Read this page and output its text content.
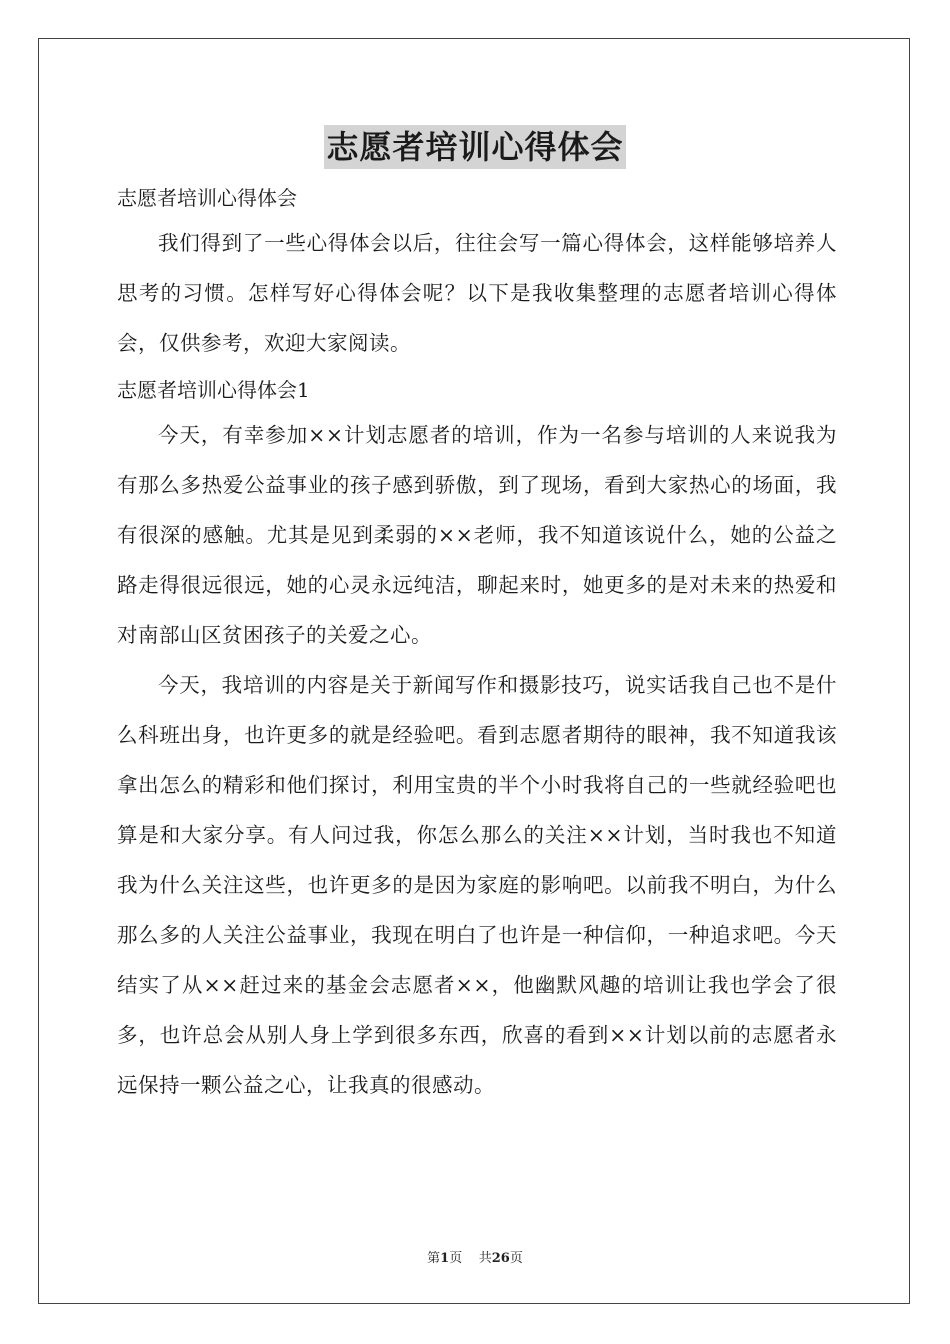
志愿者培训心得体会
志愿者培训心得体会

我们得到了一些心得体会以后，往往会写一篇心得体会，这样能够培养人思考的习惯。怎样写好心得体会呢？以下是我收集整理的志愿者培训心得体会，仅供参考，欢迎大家阅读。

志愿者培训心得体会1

今天，有幸参加××计划志愿者的培训，作为一名参与培训的人来说我为有那么多热爱公益事业的孩子感到骄傲，到了现场，看到大家热心的场面，我有很深的感触。尤其是见到柔弱的××老师，我不知道该说什么，她的公益之路走得很远很远，她的心灵永远纯洁，聊起来时，她更多的是对未来的热爱和对南部山区贫困孩子的关爱之心。

今天，我培训的内容是关于新闻写作和摄影技巧，说实话我自己也不是什么科班出身，也许更多的就是经验吧。看到志愿者期待的眼神，我不知道我该拿出怎么的精彩和他们探讨，利用宝贵的半个小时我将自己的一些就经验吧也算是和大家分享。有人问过我，你怎么那么的关注××计划，当时我也不知道我为什么关注这些，也许更多的是因为家庭的影响吧。以前我不明白，为什么那么多的人关注公益事业，我现在明白了也许是一种信仰，一种追求吧。今天结实了从××赶过来的基金会志愿者××，他幽默风趣的培训让我也学会了很多，也许总会从别人身上学到很多东西，欣喜的看到××计划以前的志愿者永远保持一颗公益之心，让我真的很感动。

第1页 共26页
